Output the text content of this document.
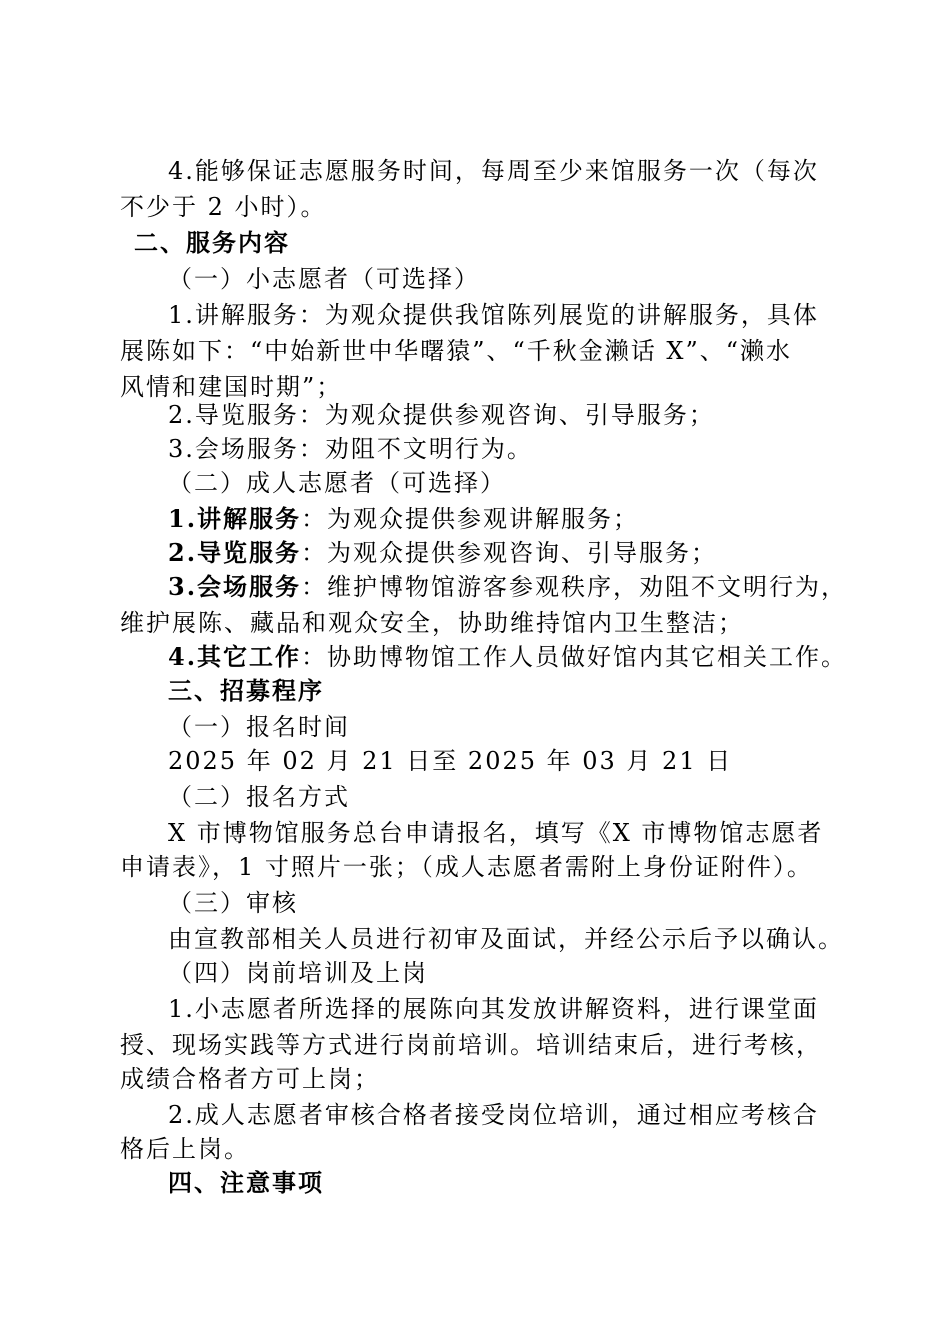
4.能够保证志愿服务时间，每周至少来馆服务一次（每次
不少于 2 小时）。
二、服务内容
（一）小志愿者（可选择）
1.讲解服务：为观众提供我馆陈列展览的讲解服务，具体
展陈如下：“中始新世中华曙猿”、“千秋金濑话 X”、“濑水
风情和建国时期”；
2.导览服务：为观众提供参观咨询、引导服务；
3.会场服务：劝阻不文明行为。
（二）成人志愿者（可选择）
1.讲解服务：为观众提供参观讲解服务；
2.导览服务：为观众提供参观咨询、引导服务；
3.会场服务：维护博物馆游客参观秩序，劝阻不文明行为，
维护展陈、藏品和观众安全，协助维持馆内卫生整洁；
4.其它工作：协助博物馆工作人员做好馆内其它相关工作。
三、招募程序
（一）报名时间
2025 年 02 月 21 日至 2025 年 03 月 21 日
（二）报名方式
X 市博物馆服务总台申请报名，填写《X 市博物馆志愿者
申请表》，1 寸照片一张；（成人志愿者需附上身份证附件）。
（三）审核
由宣教部相关人员进行初审及面试，并经公示后予以确认。
（四）岗前培训及上岗
1.小志愿者所选择的展陈向其发放讲解资料，进行课堂面
授、现场实践等方式进行岗前培训。培训结束后，进行考核，
成绩合格者方可上岗；
2.成人志愿者审核合格者接受岗位培训，通过相应考核合
格后上岗。
四、注意事项
